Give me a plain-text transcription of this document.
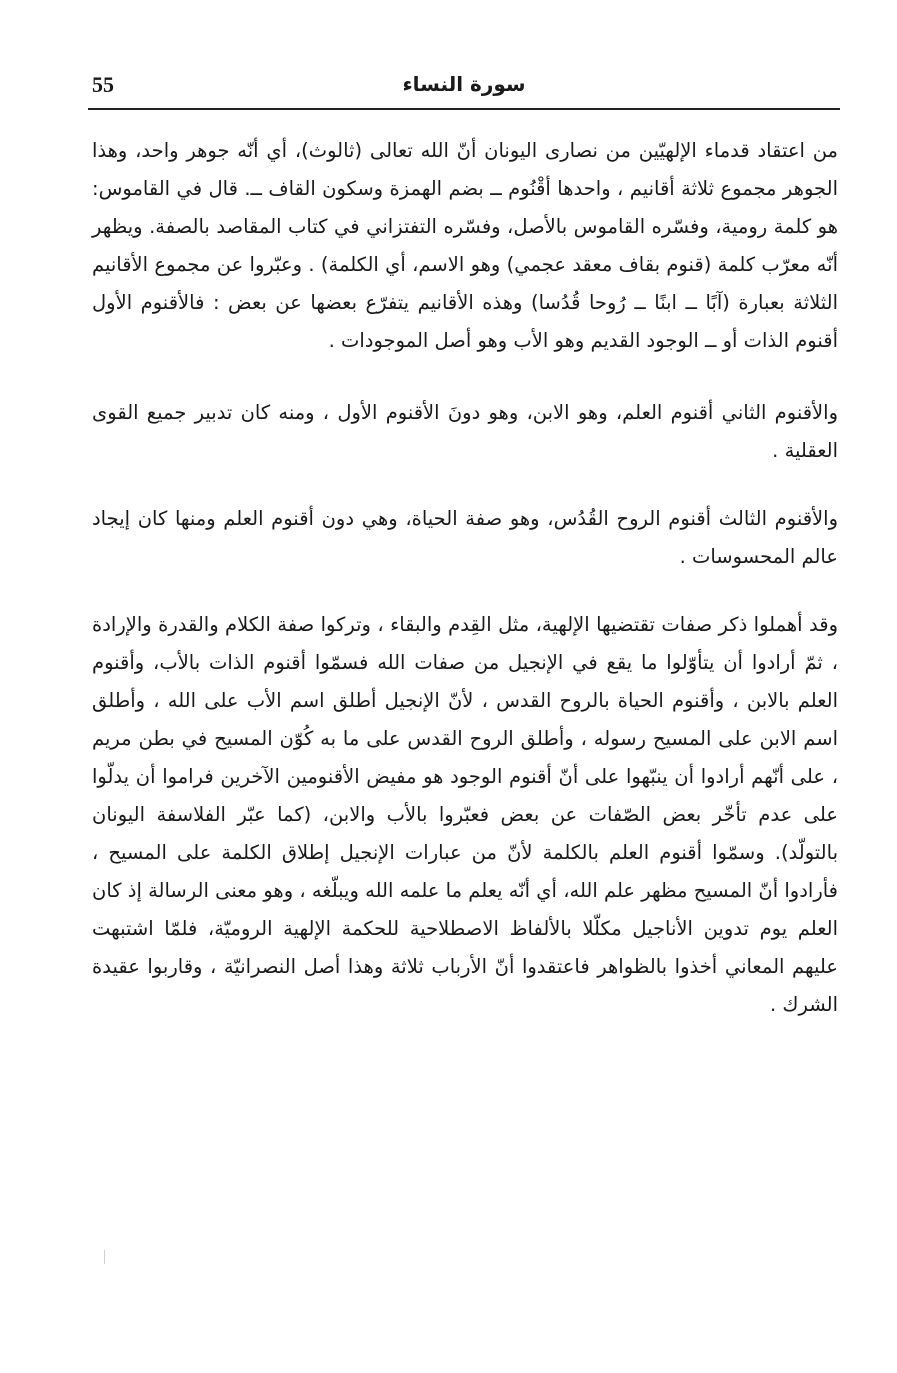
55	سورة النساء

من اعتقاد قدماء الإلهيّين من نصارى اليونان أنّ الله تعالى (ثالوث)، أي أنّه جوهر واحد، وهذا الجوهر مجموع ثلاثة أقانيم ، واحدها أقْنُوم ــ بضم الهمزة وسكون القاف ــ. قال في القاموس: هو كلمة رومية، وفسّره القاموس بالأصل، وفسّره التفتزاني في كتاب المقاصد بالصفة. ويظهر أنّه معرّب كلمة (قنوم بقاف معقد عجمي) وهو الاسم، أي الكلمة) . وعبّروا عن مجموع الأقانيم الثلاثة بعبارة (آبًا ــ ابنًا ــ رُوحا قُدُسا) وهذه الأقانيم يتفرّع بعضها عن بعض : فالأقنوم الأول أقنوم الذات أو ــ الوجود القديم وهو الأب وهو أصل الموجودات .

والأقنوم الثاني أقنوم العلم، وهو الابن، وهو دونَ الأقنوم الأول ، ومنه كان تدبير جميع القوى العقلية .

والأقنوم الثالث أقنوم الروح القُدُس، وهو صفة الحياة، وهي دون أقنوم العلم ومنها كان إيجاد عالم المحسوسات .

وقد أهملوا ذكر صفات تقتضيها الإلهية، مثل القِدم والبقاء ، وتركوا صفة الكلام والقدرة والإرادة ، ثمّ أرادوا أن يتأوّلوا ما يقع في الإنجيل من صفات الله فسمّوا أقنوم الذات بالأب، وأقنوم العلم بالابن ، وأقنوم الحياة بالروح القدس ، لأنّ الإنجيل أطلق اسم الأب على الله ، وأطلق اسم الابن على المسيح رسوله ، وأطلق الروح القدس على ما به كُوّن المسيح في بطن مريم ، على أنّهم أرادوا أن ينبّهوا على أنّ أقنوم الوجود هو مفيض الأقنومين الآخرين فراموا أن يدلّوا على عدم تأخّر بعض الصّفات عن بعض فعبّروا بالأب والابن، (كما عبّر الفلاسفة اليونان بالتولّد). وسمّوا أقنوم العلم بالكلمة لأنّ من عبارات الإنجيل إطلاق الكلمة على المسيح ، فأرادوا أنّ المسيح مظهر علم الله، أي أنّه يعلم ما علمه الله ويبلّغه ، وهو معنى الرسالة إذ كان العلم يوم تدوين الأناجيل مكلّلا بالألفاظ الاصطلاحية للحكمة الإلهية الروميّة، فلمّا اشتبهت عليهم المعاني أخذوا بالظواهر فاعتقدوا أنّ الأرباب ثلاثة وهذا أصل النصرانيّة ، وقاربوا عقيدة الشرك .
